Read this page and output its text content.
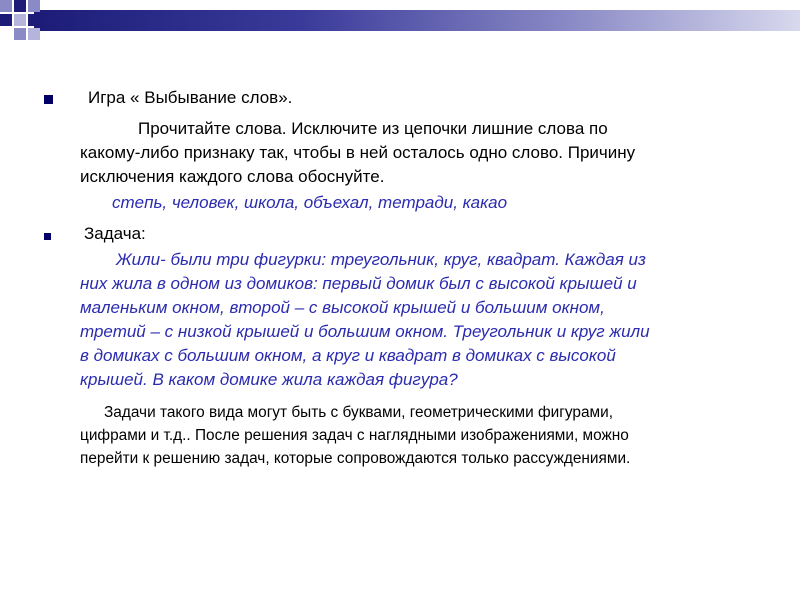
Игра « Выбывание слов».
Прочитайте слова. Исключите из цепочки лишние слова по
какому-либо признаку так, чтобы в ней осталось одно слово. Причину
исключения каждого слова обоснуйте.
степь, человек, школа, объехал, тетради, какао
Задача:
Жили- были три фигурки: треугольник, круг, квадрат. Каждая из
них жила в одном из домиков: первый домик был с высокой крышей и
маленьким окном, второй – с высокой крышей и большим окном,
третий – с низкой крышей и большим окном. Треугольник и круг жили
в домиках с большим окном, а круг и квадрат в домиках с высокой
крышей. В каком домике жила каждая фигура?
Задачи такого вида могут быть с буквами, геометрическими фигурами,
цифрами и т.д.. После решения задач с наглядными изображениями, можно
перейти к решению задач, которые сопровождаются только рассуждениями.
